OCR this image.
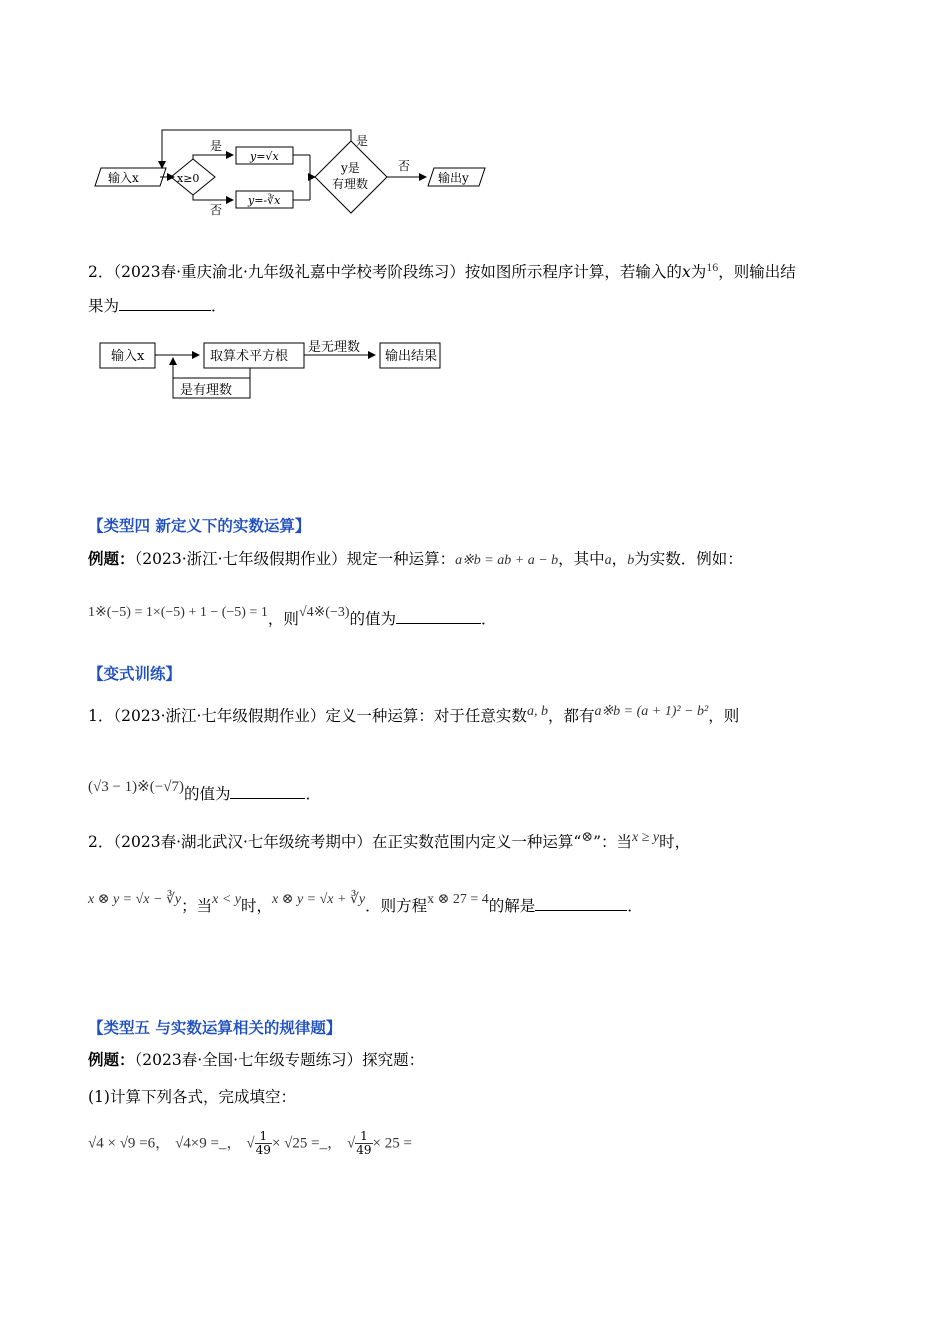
输入x	x≥0
是
y=√x
否
y=-∛x
y是
有理数
是
否
输出y
2．（2023春·重庆渝北·九年级礼嘉中学校考阶段练习）按如图所示程序计算，若输入的x为$^{16}$，则输出结
果为	．
输入x	取算术平方根
是无理数
输出结果
是有理数
【类型四 新定义下的实数运算】
例题：（2023·浙江·七年级假期作业）规定一种运算：a※b = ab + a − b，其中a，b为实数．例如：
1※(−5) = 1×(−5) + 1 − (−5) = 1，则√4※(−3)的值为	．
【变式训练】
1．（2023·浙江·七年级假期作业）定义一种运算：对于任意实数a, b，都有a※b = (a + 1)² − b²，则
(√3 − 1)※(−√7)的值为	．
2．（2023春·湖北武汉·七年级统考期中）在正实数范围内定义一种运算“⊗”：当x ≥ y时，
x ⊗ y = √x − ∛y；当x < y时，x ⊗ y = √x + ∛y．则方程x ⊗ 27 = 4的解是	．
【类型五 与实数运算相关的规律题】
例题：（2023春·全国·七年级专题练习）探究题：
(1)计算下列各式，完成填空：
√4 × √9 =6， √4×9 =_， √ $\frac{1}{49} \times √25$ =_， √ $\frac{1}{49} \times 25$ =
